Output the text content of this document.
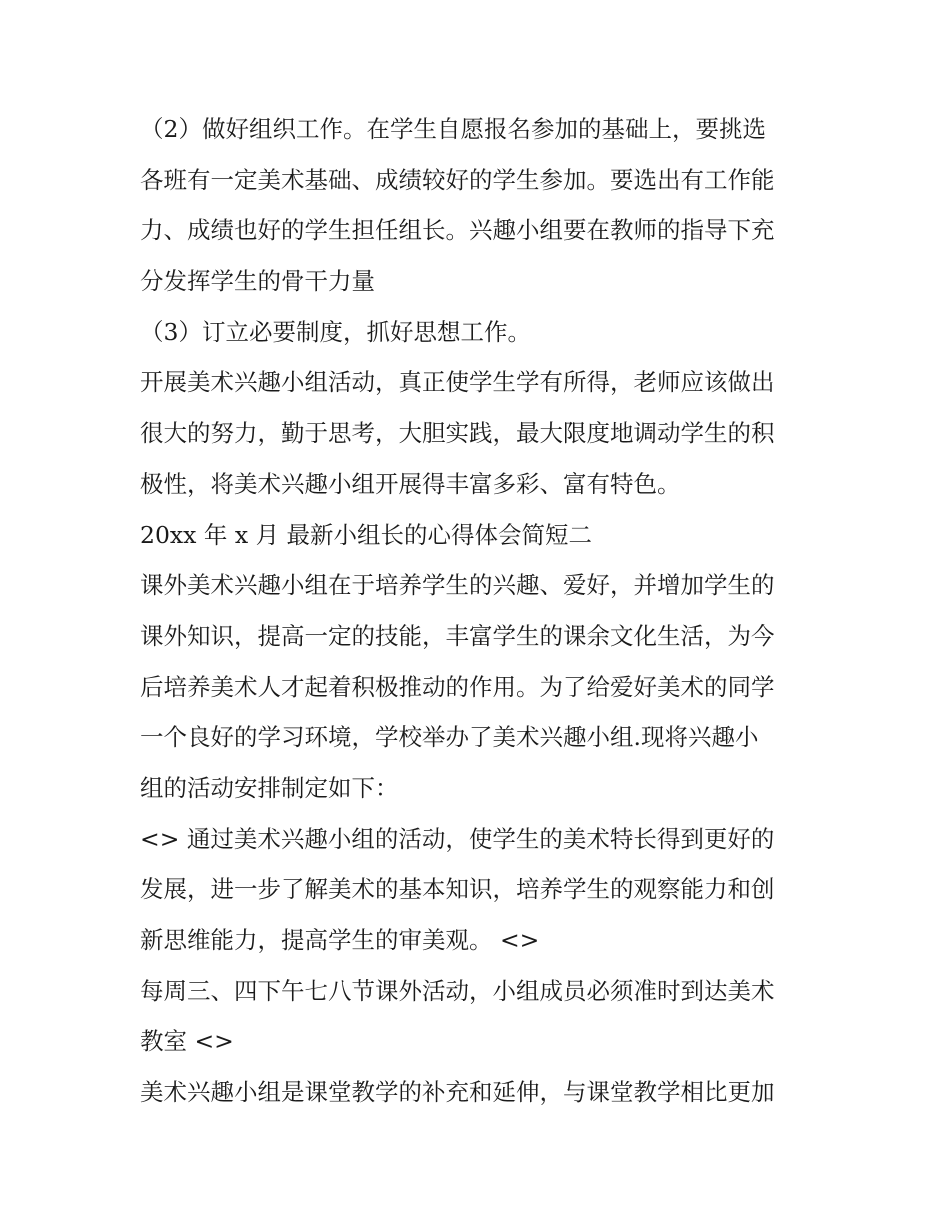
（2）做好组织工作。在学生自愿报名参加的基础上，要挑选
各班有一定美术基础、成绩较好的学生参加。要选出有工作能
力、成绩也好的学生担任组长。兴趣小组要在教师的指导下充
分发挥学生的骨干力量
（3）订立必要制度，抓好思想工作。
开展美术兴趣小组活动，真正使学生学有所得，老师应该做出
很大的努力，勤于思考，大胆实践，最大限度地调动学生的积
极性，将美术兴趣小组开展得丰富多彩、富有特色。
20xx 年 x 月 最新小组长的心得体会简短二
课外美术兴趣小组在于培养学生的兴趣、爱好，并增加学生的
课外知识，提高一定的技能，丰富学生的课余文化生活，为今
后培养美术人才起着积极推动的作用。为了给爱好美术的同学
一个良好的学习环境，学校举办了美术兴趣小组.现将兴趣小
组的活动安排制定如下：
<> 通过美术兴趣小组的活动，使学生的美术特长得到更好的
发展，进一步了解美术的基本知识，培养学生的观察能力和创
新思维能力，提高学生的审美观。 <>
每周三、四下午七八节课外活动，小组成员必须准时到达美术
教室 <>
美术兴趣小组是课堂教学的补充和延伸，与课堂教学相比更加
